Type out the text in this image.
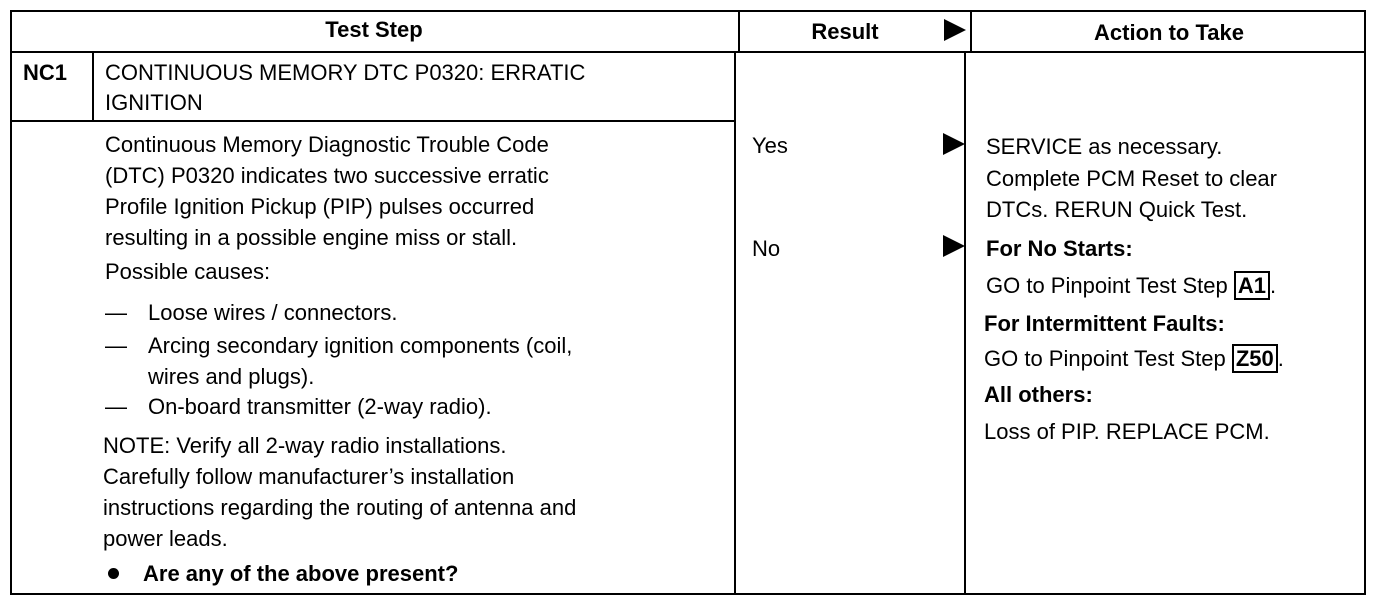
Test Step	Result	Action to Take
NC1 CONTINUOUS MEMORY DTC P0320: ERRATIC
IGNITION
Continuous Memory Diagnostic Trouble Code
(DTC) P0320 indicates two successive erratic
Profile Ignition Pickup (PIP) pulses occurred
resulting in a possible engine miss or stall.
Possible causes:
— Loose wires / connectors.
— Arcing secondary ignition components (coil,
wires and plugs).
— On-board transmitter (2-way radio).
NOTE: Verify all 2-way radio installations.
Carefully follow manufacturer’s installation
instructions regarding the routing of antenna and
power leads.
Are any of the above present?
Yes
No
SERVICE as necessary.
Complete PCM Reset to clear
DTCs. RERUN Quick Test.
For No Starts:
GO to Pinpoint Test Step A1 .
For Intermittent Faults:
GO to Pinpoint Test Step Z50 .
All others:
Loss of PIP. REPLACE PCM.
